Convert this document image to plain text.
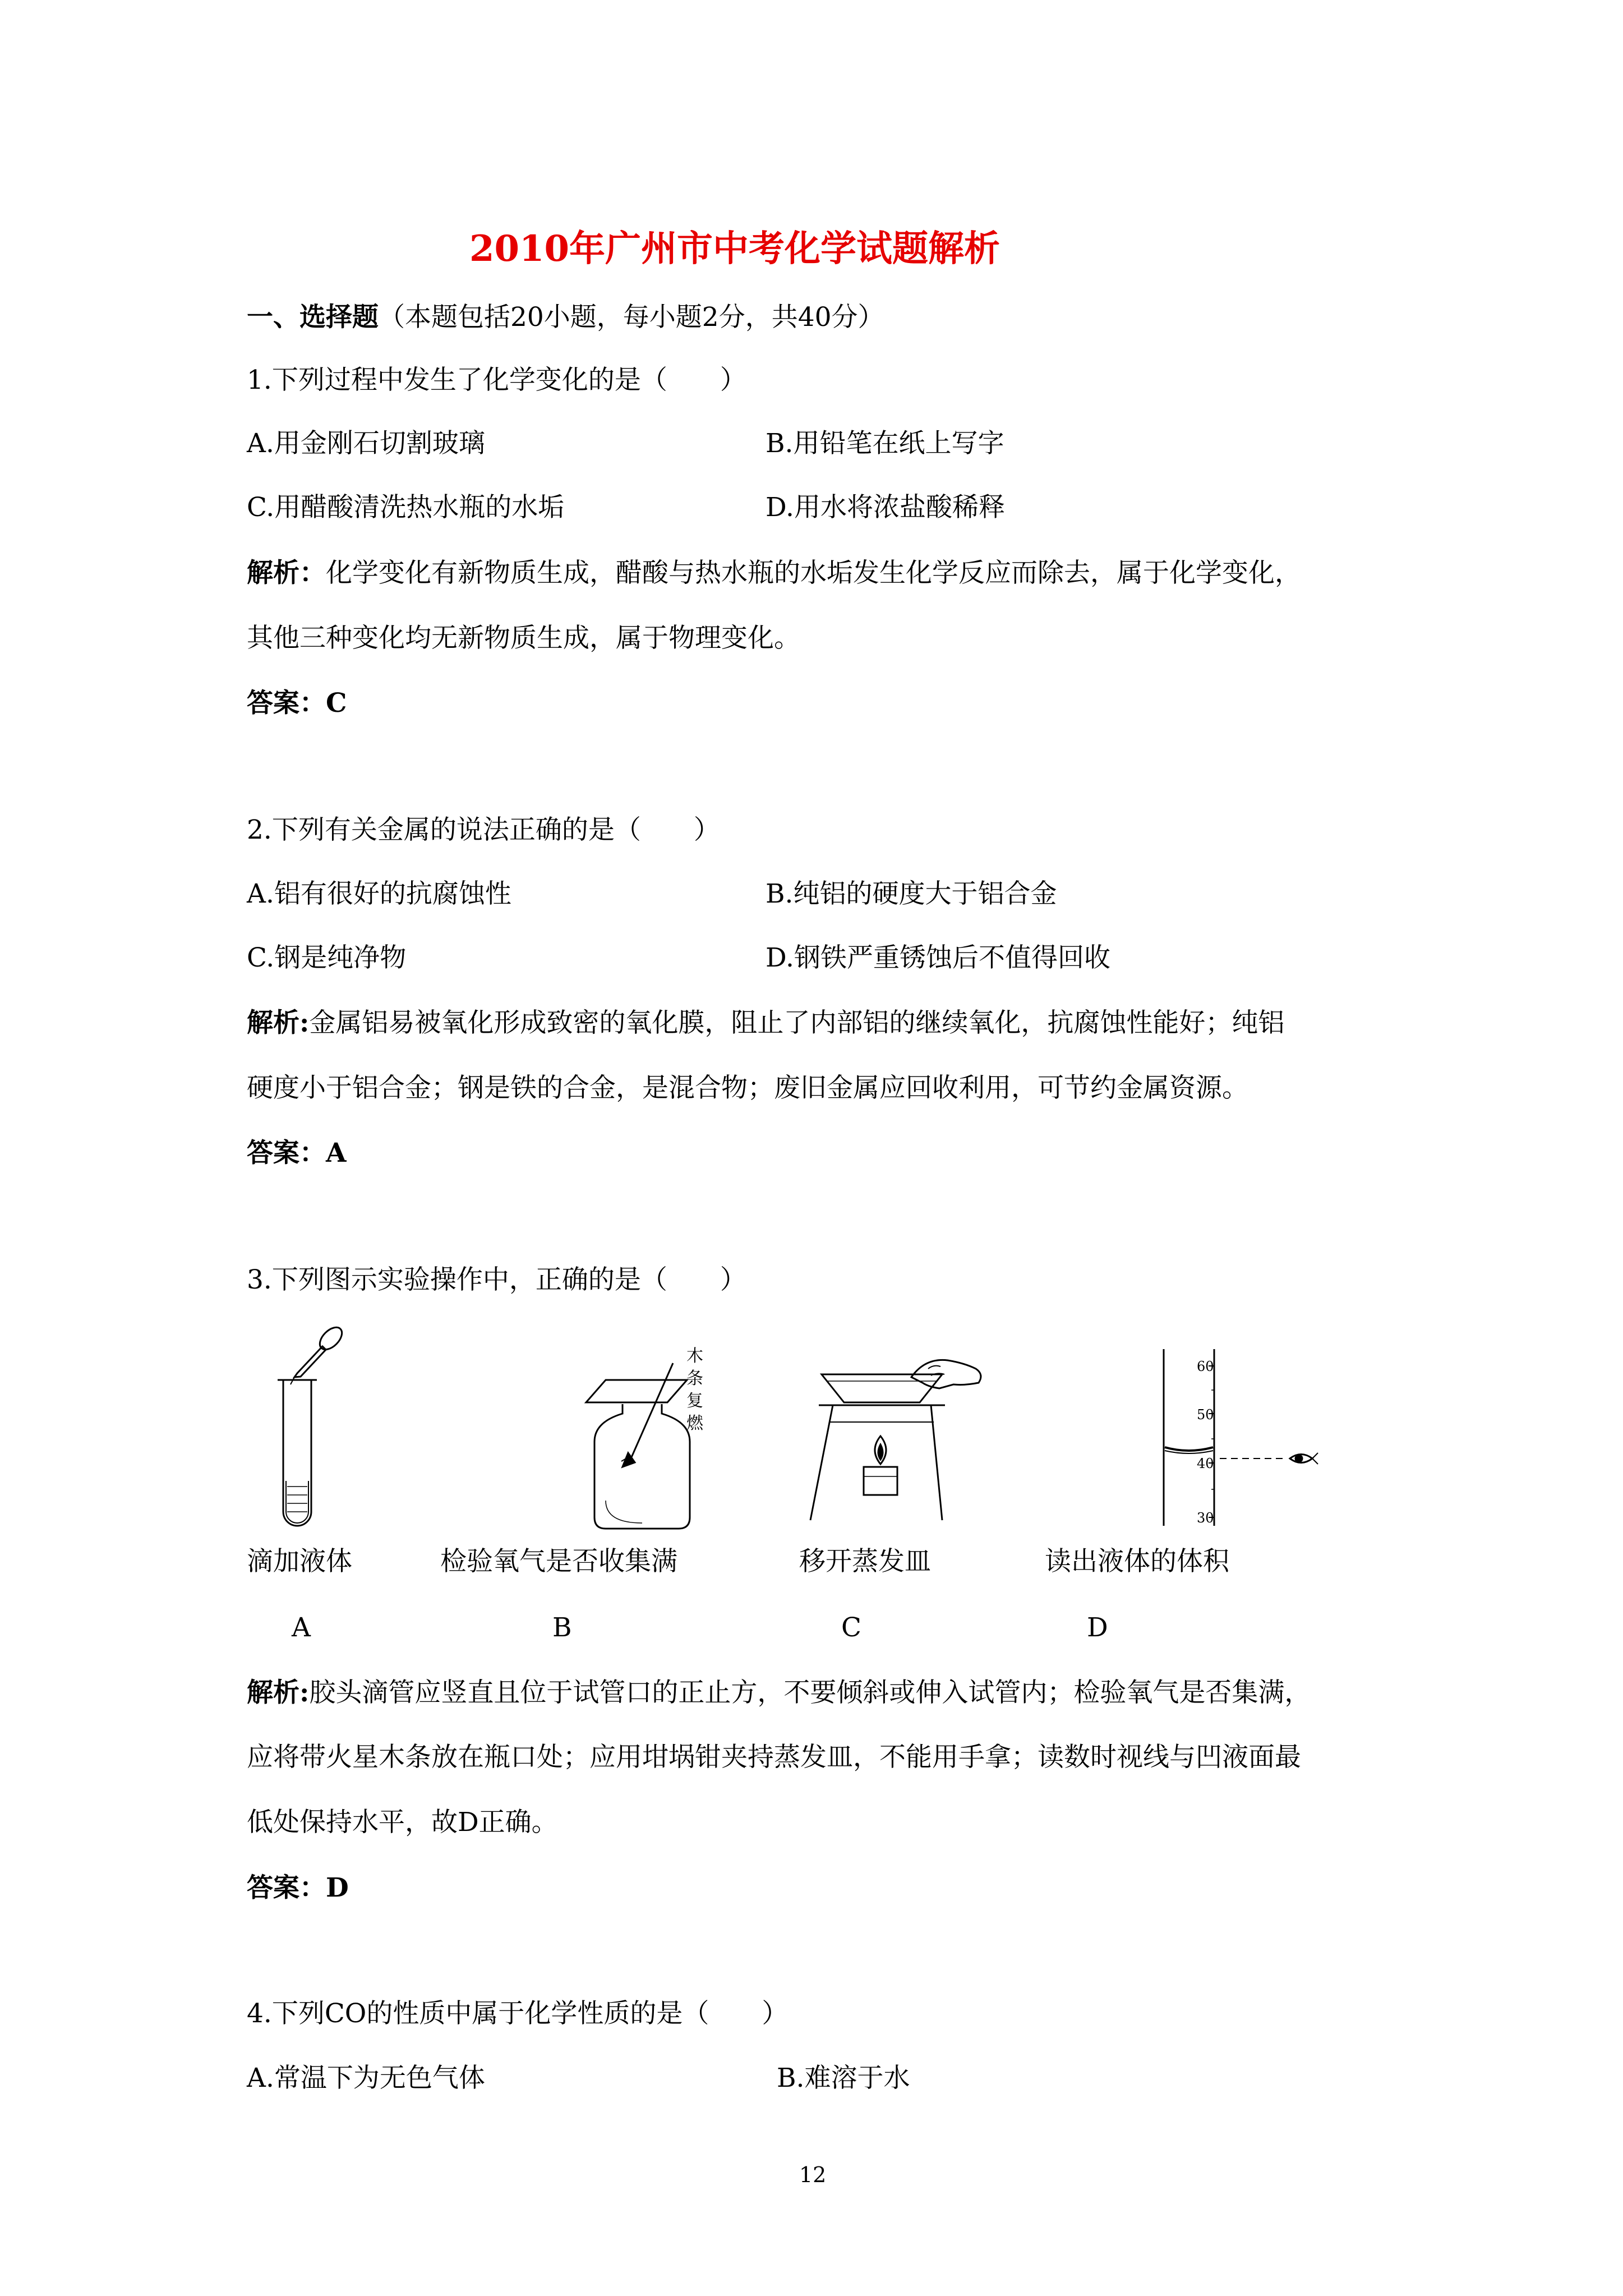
2010年广州市中考化学试题解析
一、选择题（本题包括20小题，每小题2分，共40分）
1.下列过程中发生了化学变化的是（　　）
A.用金刚石切割玻璃	B.用铅笔在纸上写字
C.用醋酸清洗热水瓶的水垢	D.用水将浓盐酸稀释
解析：化学变化有新物质生成，醋酸与热水瓶的水垢发生化学反应而除去，属于化学变化，
其他三种变化均无新物质生成，属于物理变化。
答案：C
2.下列有关金属的说法正确的是（　　）
A.铝有很好的抗腐蚀性	B.纯铝的硬度大于铝合金
C.钢是纯净物	D.钢铁严重锈蚀后不值得回收
解析:金属铝易被氧化形成致密的氧化膜，阻止了内部铝的继续氧化，抗腐蚀性能好；纯铝
硬度小于铝合金；钢是铁的合金，是混合物；废旧金属应回收利用，可节约金属资源。
答案：A
3.下列图示实验操作中，正确的是（　　）
木条复燃
60
50
40
30
滴加液体	检验氧气是否收集满	移开蒸发皿	读出液体的体积
A	B	C	D
解析:胶头滴管应竖直且位于试管口的正止方，不要倾斜或伸入试管内；检验氧气是否集满，
应将带火星木条放在瓶口处；应用坩埚钳夹持蒸发皿，不能用手拿；读数时视线与凹液面最
低处保持水平，故D正确。
答案：D
4.下列CO的性质中属于化学性质的是（　　）
A.常温下为无色气体	B.难溶于水
12
